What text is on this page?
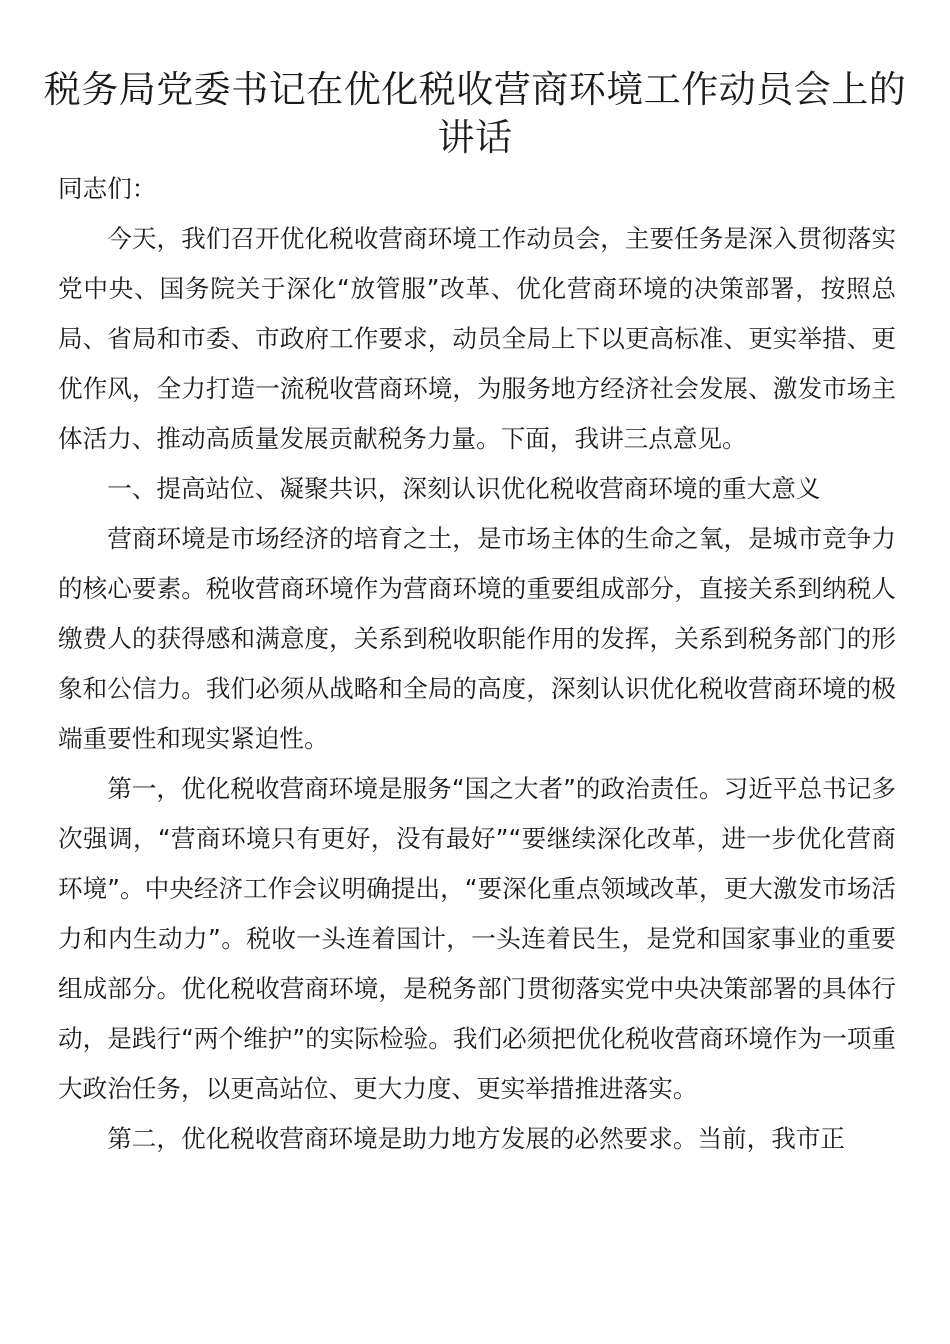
税务局党委书记在优化税收营商环境工作动员会上的讲话

同志们：

今天，我们召开优化税收营商环境工作动员会，主要任务是深入贯彻落实党中央、国务院关于深化“放管服”改革、优化营商环境的决策部署，按照总局、省局和市委、市政府工作要求，动员全局上下以更高标准、更实举措、更优作风，全力打造一流税收营商环境，为服务地方经济社会发展、激发市场主体活力、推动高质量发展贡献税务力量。下面，我讲三点意见。

一、提高站位、凝聚共识，深刻认识优化税收营商环境的重大意义

营商环境是市场经济的培育之土，是市场主体的生命之氧，是城市竞争力的核心要素。税收营商环境作为营商环境的重要组成部分，直接关系到纳税人缴费人的获得感和满意度，关系到税收职能作用的发挥，关系到税务部门的形象和公信力。我们必须从战略和全局的高度，深刻认识优化税收营商环境的极端重要性和现实紧迫性。

第一，优化税收营商环境是服务“国之大者”的政治责任。习近平总书记多次强调，“营商环境只有更好，没有最好”“要继续深化改革，进一步优化营商环境”。中央经济工作会议明确提出，“要深化重点领域改革，更大激发市场活力和内生动力”。税收一头连着国计，一头连着民生，是党和国家事业的重要组成部分。优化税收营商环境，是税务部门贯彻落实党中央决策部署的具体行动，是践行“两个维护”的实际检验。我们必须把优化税收营商环境作为一项重大政治任务，以更高站位、更大力度、更实举措推进落实。

第二，优化税收营商环境是助力地方发展的必然要求。当前，我市正
